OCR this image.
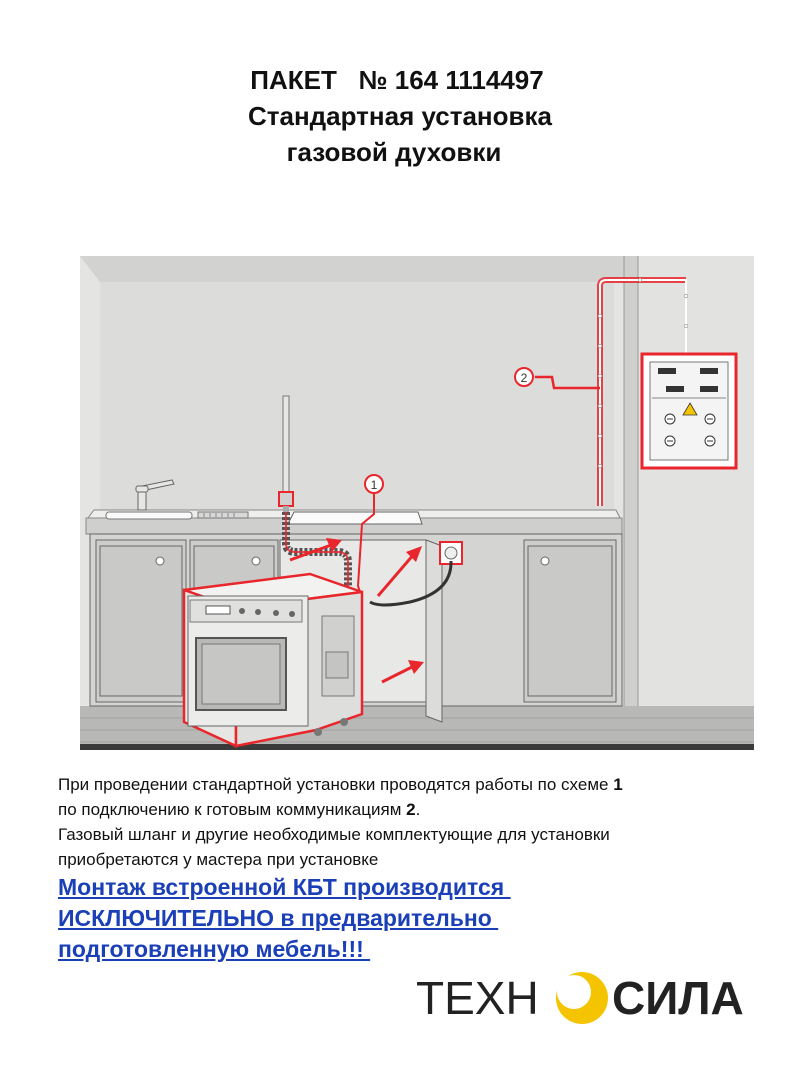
ПАКЕТ   № 164 1114497
Стандартная установка
газовой духовки
2
1
При проведении стандартной установки проводятся работы по схеме 1
по подключению к готовым коммуникациям 2.
Газовый шланг и другие необходимые комплектующие для установки
приобретаются у мастера при установке
Монтаж встроенной КБТ производится
ИСКЛЮЧИТЕЛЬНО в предварительно
подготовленную мебель!!!
ТЕХН СИЛА
